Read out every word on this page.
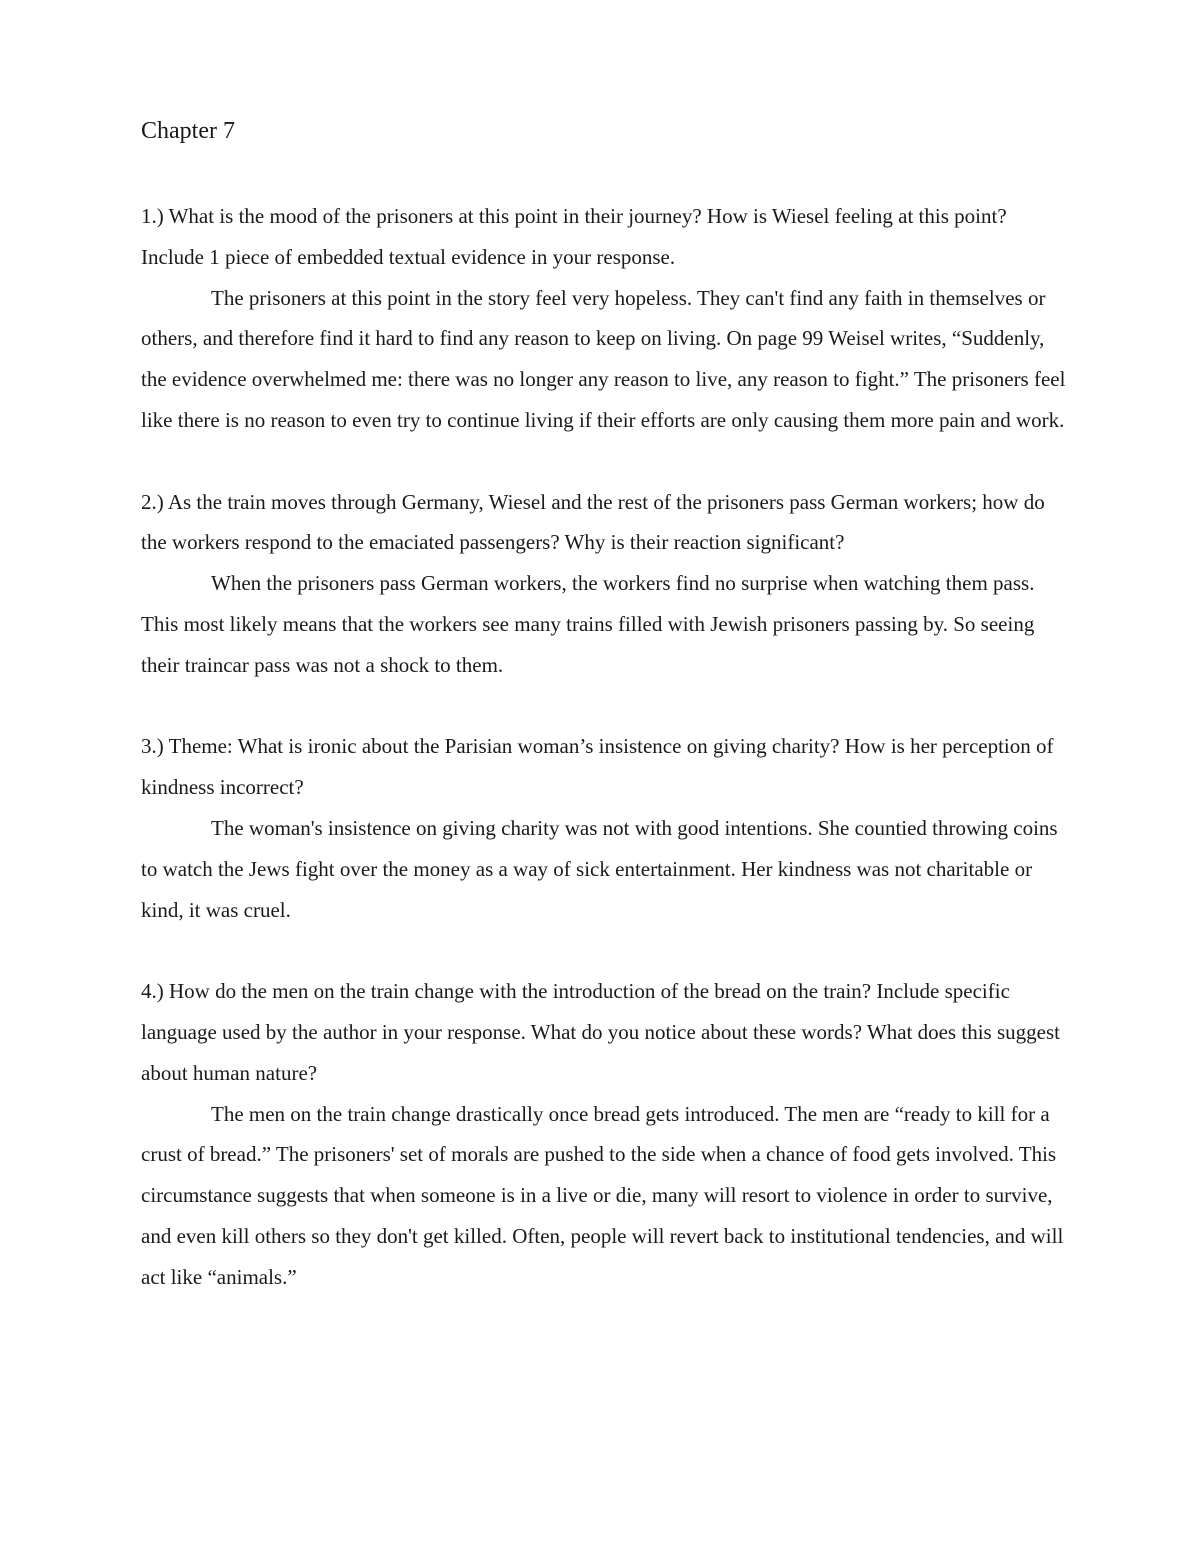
Chapter 7

1.) What is the mood of the prisoners at this point in their journey? How is Wiesel feeling at this point? Include 1 piece of embedded textual evidence in your response.

The prisoners at this point in the story feel very hopeless. They can't find any faith in themselves or others, and therefore find it hard to find any reason to keep on living. On page 99 Weisel writes, “Suddenly, the evidence overwhelmed me: there was no longer any reason to live, any reason to fight.” The prisoners feel like there is no reason to even try to continue living if their efforts are only causing them more pain and work.

2.) As the train moves through Germany, Wiesel and the rest of the prisoners pass German workers; how do the workers respond to the emaciated passengers? Why is their reaction significant?

When the prisoners pass German workers, the workers find no surprise when watching them pass. This most likely means that the workers see many trains filled with Jewish prisoners passing by. So seeing their traincar pass was not a shock to them.

3.) Theme: What is ironic about the Parisian woman’s insistence on giving charity? How is her perception of kindness incorrect?

The woman's insistence on giving charity was not with good intentions. She countied throwing coins to watch the Jews fight over the money as a way of sick entertainment. Her kindness was not charitable or kind, it was cruel.

4.) How do the men on the train change with the introduction of the bread on the train? Include specific language used by the author in your response. What do you notice about these words? What does this suggest about human nature?

The men on the train change drastically once bread gets introduced. The men are “ready to kill for a crust of bread.” The prisoners' set of morals are pushed to the side when a chance of food gets involved. This circumstance suggests that when someone is in a live or die, many will resort to violence in order to survive, and even kill others so they don't get killed. Often, people will revert back to institutional tendencies, and will act like “animals.”
